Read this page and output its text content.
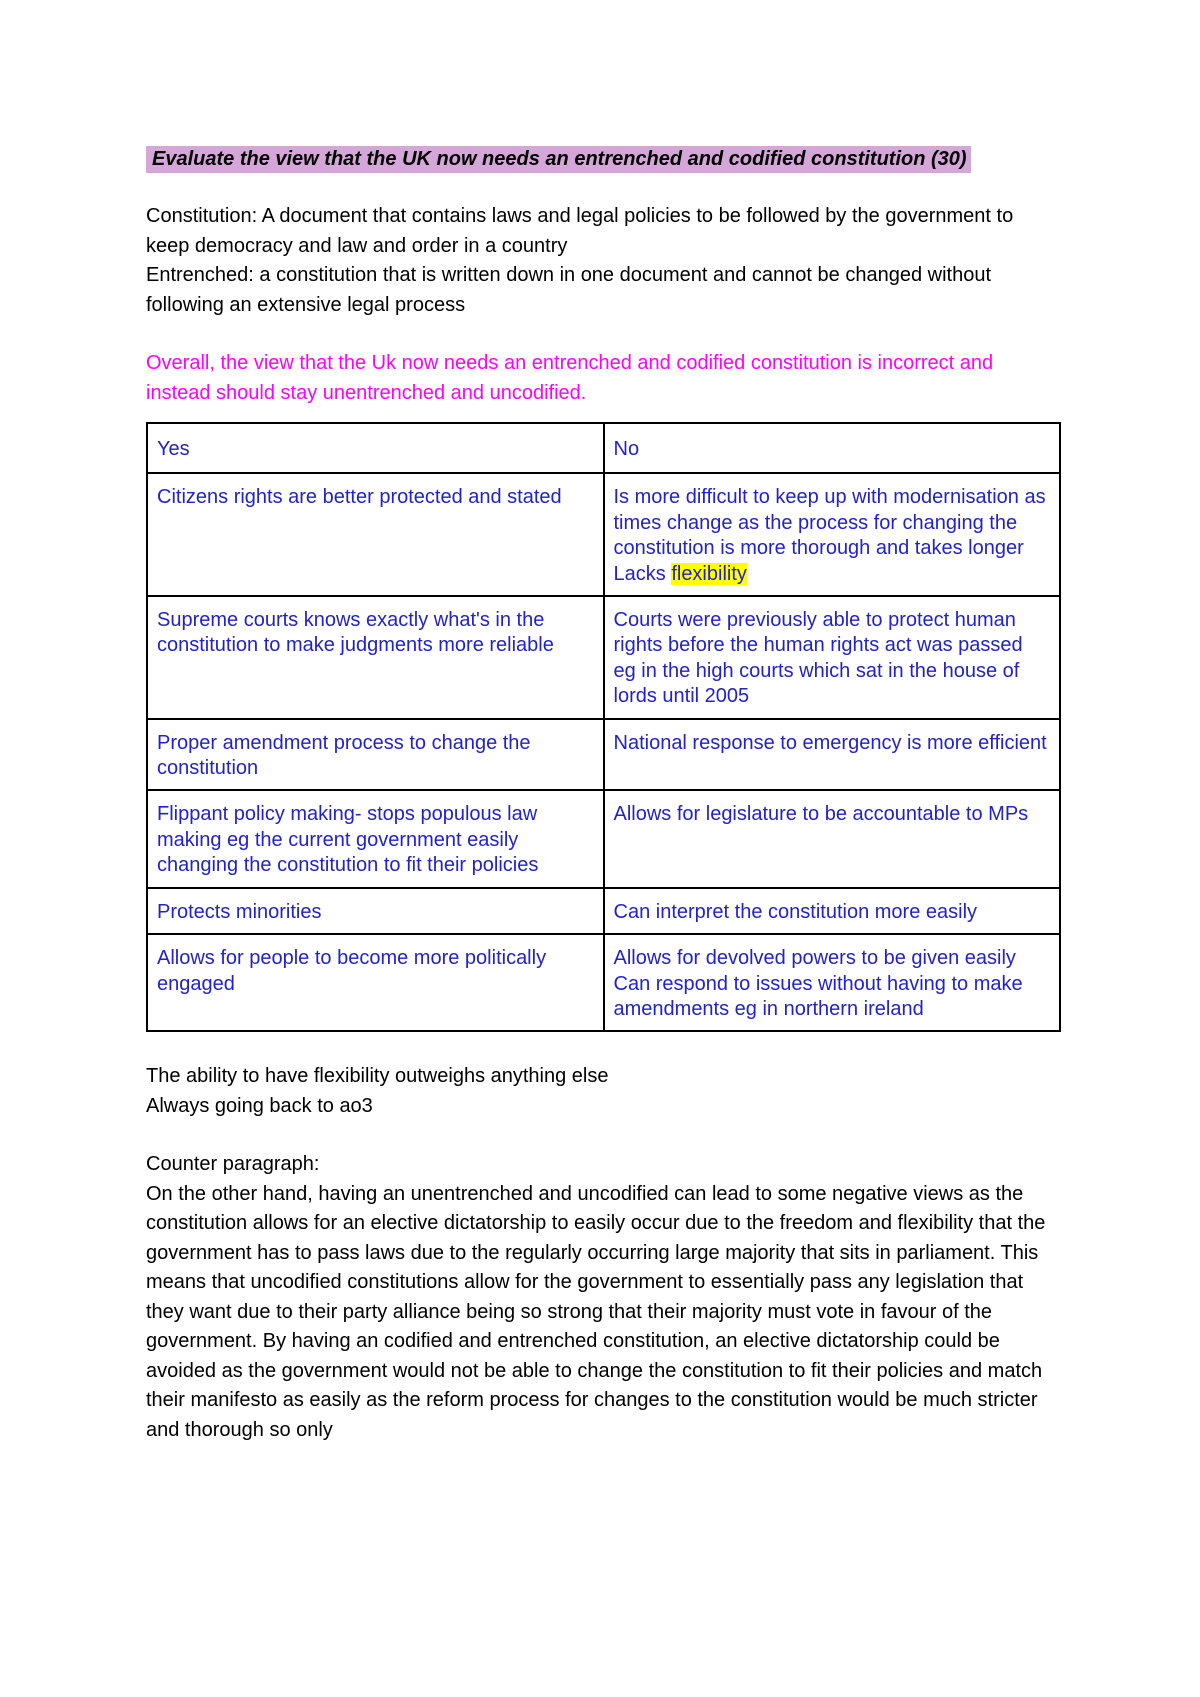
Evaluate the view that the UK now needs an entrenched and codified constitution (30)

Constitution: A document that contains laws and legal policies to be followed by the government to keep democracy and law and order in a country

Entrenched: a constitution that is written down in one document and cannot be changed without following an extensive legal process

Overall, the view that the Uk now needs an entrenched and codified constitution is incorrect and instead should stay unentrenched and uncodified.

Yes	No
Citizens rights are better protected and stated	Is more difficult to keep up with modernisation as times change as the process for changing the constitution is more thorough and takes longer
Lacks flexibility
Supreme courts knows exactly what's in the constitution to make judgments more reliable	Courts were previously able to protect human rights before the human rights act was passed eg in the high courts which sat in the house of lords until 2005
Proper amendment process to change the constitution	National response to emergency is more efficient
Flippant policy making- stops populous law making eg the current government easily changing the constitution to fit their policies	Allows for legislature to be accountable to MPs
Protects minorities	Can interpret the constitution more easily
Allows for people to become more politically engaged	Allows for devolved powers to be given easily
Can respond to issues without having to make amendments eg in northern ireland

The ability to have flexibility outweighs anything else

Always going back to ao3

Counter paragraph:

On the other hand, having an unentrenched and uncodified can lead to some negative views as the constitution allows for an elective dictatorship to easily occur due to the freedom and flexibility that the government has to pass laws due to the regularly occurring large majority that sits in parliament. This means that uncodified constitutions allow for the government to essentially pass any legislation that they want due to their party alliance being so strong that their majority must vote in favour of the government. By having an codified and entrenched constitution, an elective dictatorship could be avoided as the government would not be able to change the constitution to fit their policies and match their manifesto as easily as the reform process for changes to the constitution would be much stricter and thorough so only
